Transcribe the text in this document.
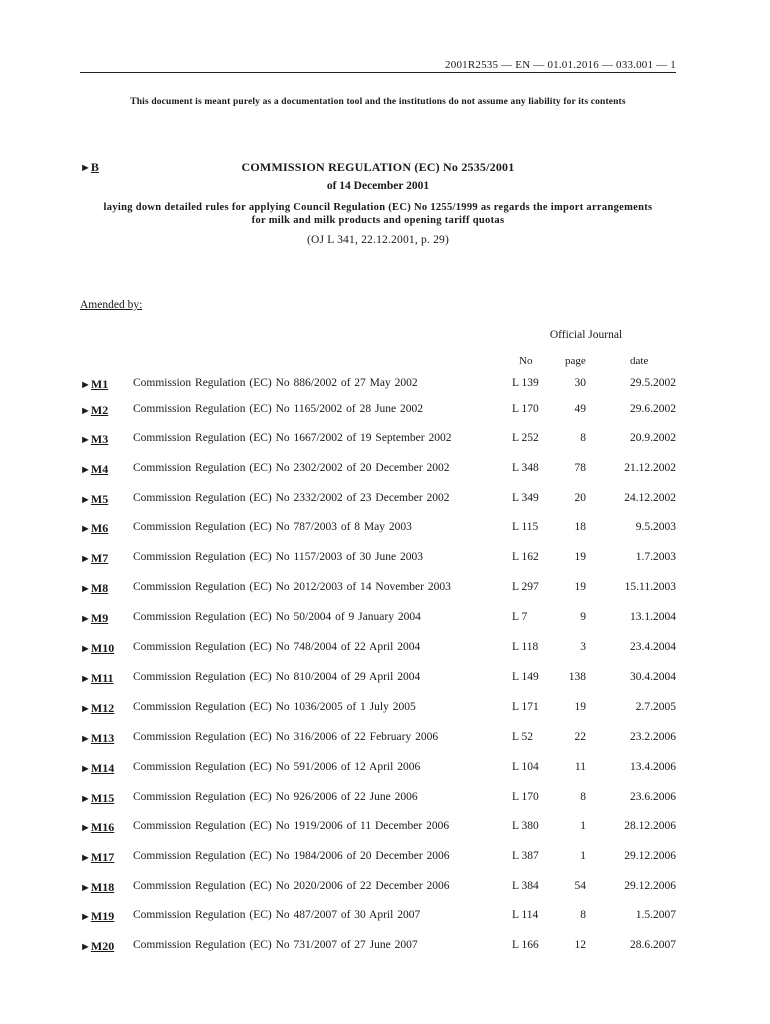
2001R2535 — EN — 01.01.2016 — 033.001 — 1
This document is meant purely as a documentation tool and the institutions do not assume any liability for its contents
COMMISSION REGULATION (EC) No 2535/2001
►B
of 14 December 2001
laying down detailed rules for applying Council Regulation (EC) No 1255/1999 as regards the import arrangements for milk and milk products and opening tariff quotas
(OJ L 341, 22.12.2001, p. 29)
Amended by:
Official Journal
No	page	date
►M1 Commission Regulation (EC) No 886/2002 of 27 May 2002	L 139	30	29.5.2002
►M2 Commission Regulation (EC) No 1165/2002 of 28 June 2002	L 170	49	29.6.2002
►M3 Commission Regulation (EC) No 1667/2002 of 19 September 2002	L 252	8	20.9.2002
►M4 Commission Regulation (EC) No 2302/2002 of 20 December 2002	L 348	78	21.12.2002
►M5 Commission Regulation (EC) No 2332/2002 of 23 December 2002	L 349	20	24.12.2002
►M6 Commission Regulation (EC) No 787/2003 of 8 May 2003	L 115	18	9.5.2003
►M7 Commission Regulation (EC) No 1157/2003 of 30 June 2003	L 162	19	1.7.2003
►M8 Commission Regulation (EC) No 2012/2003 of 14 November 2003	L 297	19	15.11.2003
►M9 Commission Regulation (EC) No 50/2004 of 9 January 2004	L 7	9	13.1.2004
►M10 Commission Regulation (EC) No 748/2004 of 22 April 2004	L 118	3	23.4.2004
►M11 Commission Regulation (EC) No 810/2004 of 29 April 2004	L 149	138	30.4.2004
►M12 Commission Regulation (EC) No 1036/2005 of 1 July 2005	L 171	19	2.7.2005
►M13 Commission Regulation (EC) No 316/2006 of 22 February 2006	L 52	22	23.2.2006
►M14 Commission Regulation (EC) No 591/2006 of 12 April 2006	L 104	11	13.4.2006
►M15 Commission Regulation (EC) No 926/2006 of 22 June 2006	L 170	8	23.6.2006
►M16 Commission Regulation (EC) No 1919/2006 of 11 December 2006	L 380	1	28.12.2006
►M17 Commission Regulation (EC) No 1984/2006 of 20 December 2006	L 387	1	29.12.2006
►M18 Commission Regulation (EC) No 2020/2006 of 22 December 2006	L 384	54	29.12.2006
►M19 Commission Regulation (EC) No 487/2007 of 30 April 2007	L 114	8	1.5.2007
►M20 Commission Regulation (EC) No 731/2007 of 27 June 2007	L 166	12	28.6.2007
